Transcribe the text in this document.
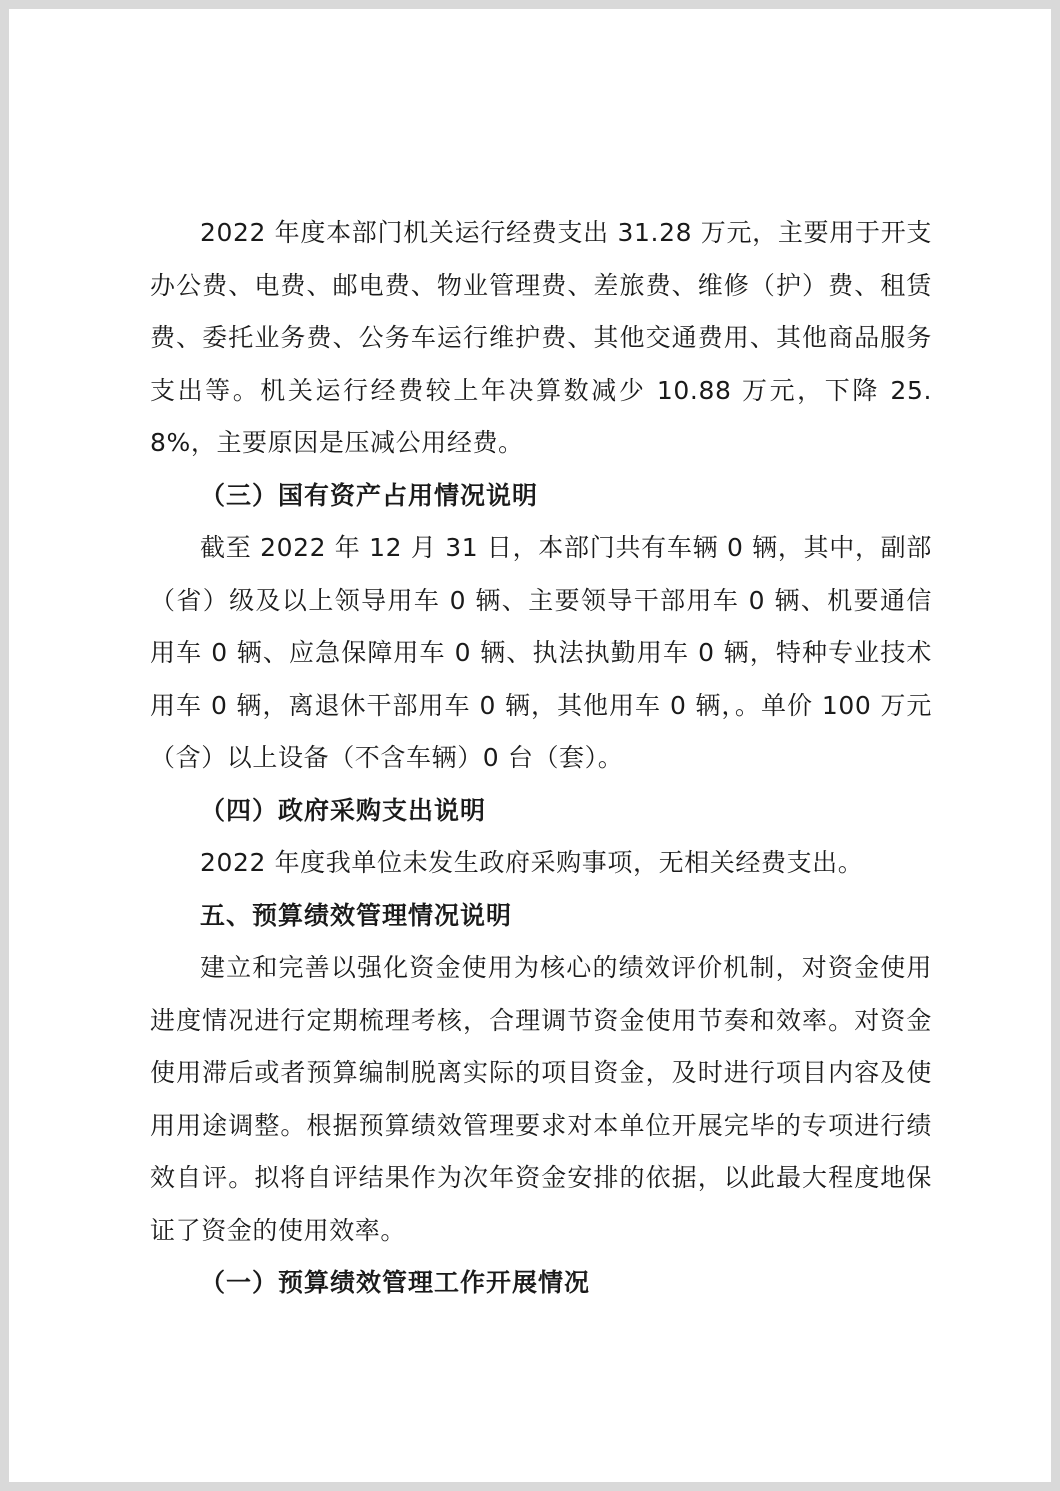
2022 年度本部门机关运行经费支出 31.28 万元，主要用于开支办公费、电费、邮电费、物业管理费、差旅费、维修（护）费、租赁费、委托业务费、公务车运行维护费、其他交通费用、其他商品服务支出等。机关运行经费较上年决算数减少 10.88 万元，下降 25.8%，主要原因是压减公用经费。

（三）国有资产占用情况说明

截至 2022 年 12 月 31 日，本部门共有车辆 0 辆，其中，副部（省）级及以上领导用车 0 辆、主要领导干部用车 0 辆、机要通信用车 0 辆、应急保障用车 0 辆、执法执勤用车 0 辆，特种专业技术用车 0 辆，离退休干部用车 0 辆，其他用车 0 辆，。单价 100 万元（含）以上设备（不含车辆）0 台（套）。

（四）政府采购支出说明

2022 年度我单位未发生政府采购事项，无相关经费支出。

五、预算绩效管理情况说明

建立和完善以强化资金使用为核心的绩效评价机制，对资金使用进度情况进行定期梳理考核，合理调节资金使用节奏和效率。对资金使用滞后或者预算编制脱离实际的项目资金，及时进行项目内容及使用用途调整。根据预算绩效管理要求对本单位开展完毕的专项进行绩效自评。拟将自评结果作为次年资金安排的依据，以此最大程度地保证了资金的使用效率。

（一）预算绩效管理工作开展情况
